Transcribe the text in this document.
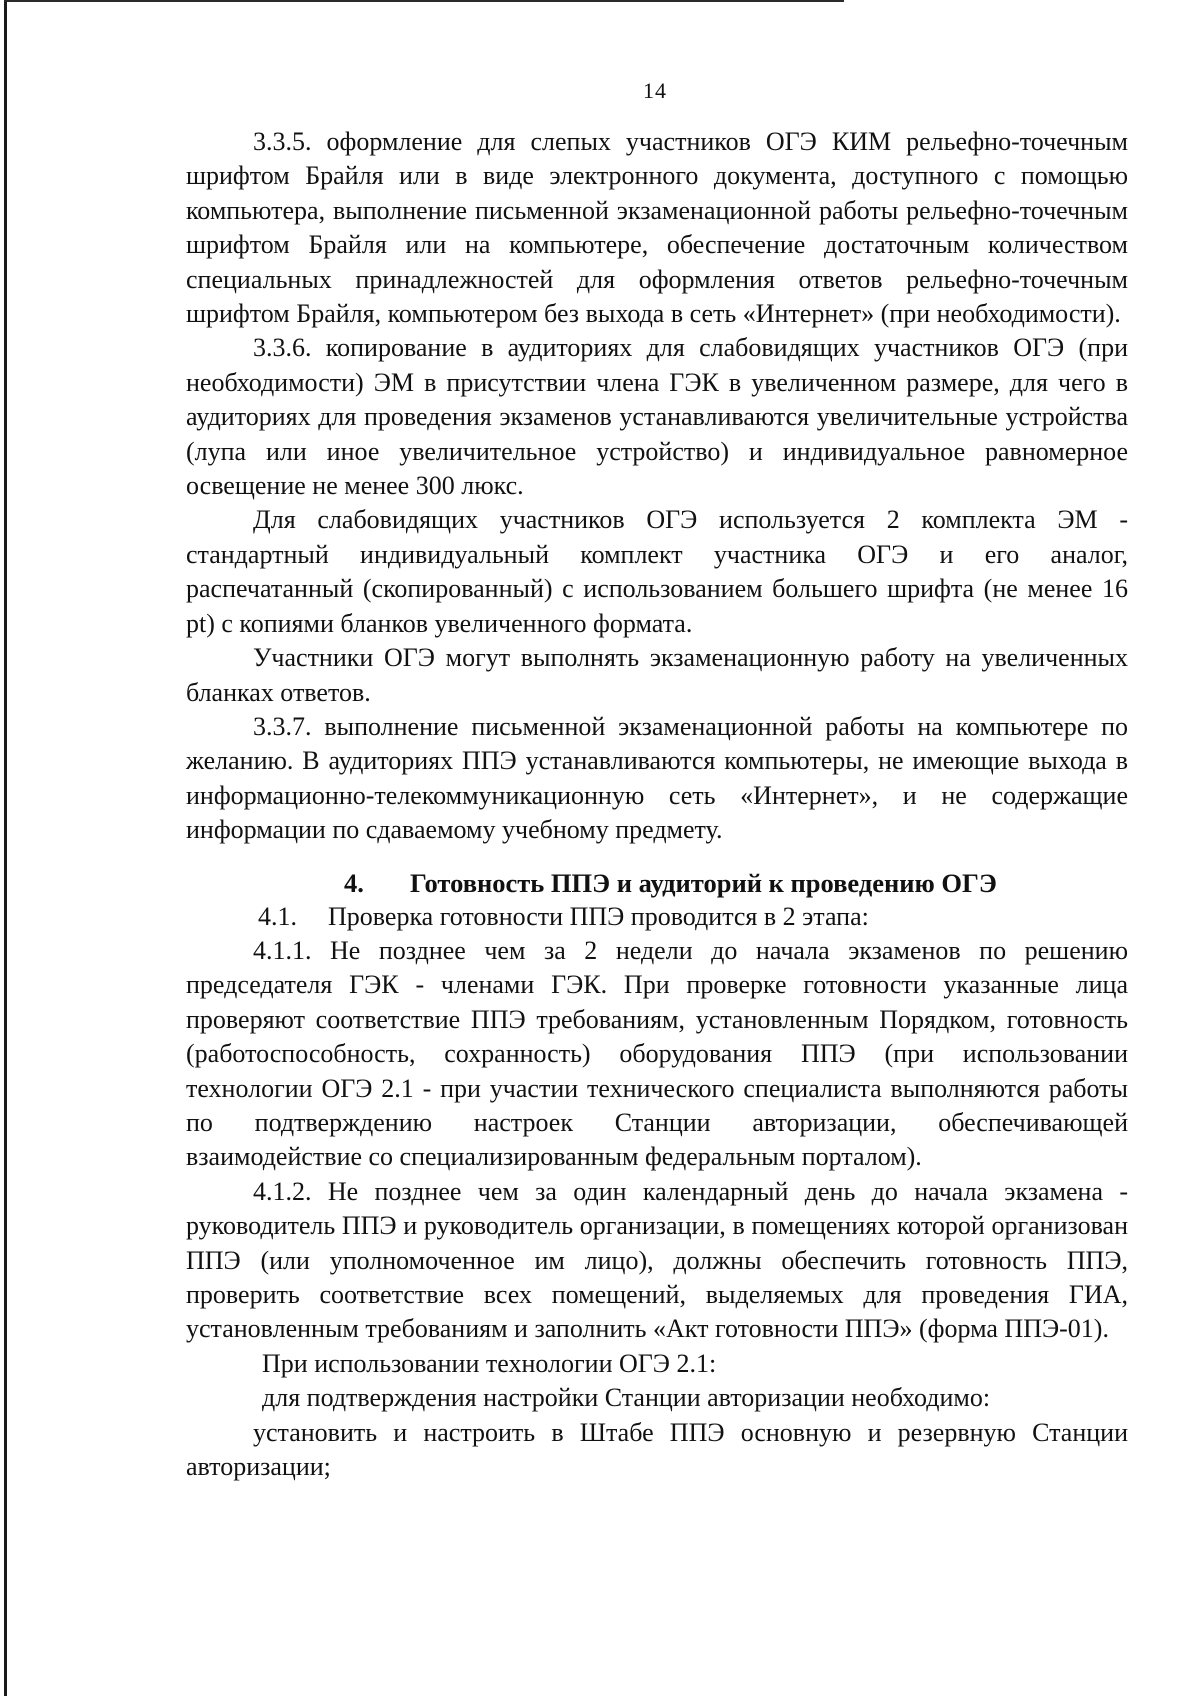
14

3.3.5. оформление для слепых участников ОГЭ КИМ рельефно-точечным шрифтом Брайля или в виде электронного документа, доступного с помощью компьютера, выполнение письменной экзаменационной работы рельефно-точечным шрифтом Брайля или на компьютере, обеспечение достаточным количеством специальных принадлежностей для оформления ответов рельефно-точечным шрифтом Брайля, компьютером без выхода в сеть «Интернет» (при необходимости).

3.3.6. копирование в аудиториях для слабовидящих участников ОГЭ (при необходимости) ЭМ в присутствии члена ГЭК в увеличенном размере, для чего в аудиториях для проведения экзаменов устанавливаются увеличительные устройства (лупа или иное увеличительное устройство) и индивидуальное равномерное освещение не менее 300 люкс.

Для слабовидящих участников ОГЭ используется 2 комплекта ЭМ - стандартный индивидуальный комплект участника ОГЭ и его аналог, распечатанный (скопированный) с использованием большего шрифта (не менее 16 pt) с копиями бланков увеличенного формата.

Участники ОГЭ могут выполнять экзаменационную работу на увеличенных бланках ответов.

3.3.7. выполнение письменной экзаменационной работы на компьютере по желанию. В аудиториях ППЭ устанавливаются компьютеры, не имеющие выхода в информационно-телекоммуникационную сеть «Интернет», и не содержащие информации по сдаваемому учебному предмету.

4. Готовность ППЭ и аудиторий к проведению ОГЭ

4.1. Проверка готовности ППЭ проводится в 2 этапа:

4.1.1. Не позднее чем за 2 недели до начала экзаменов по решению председателя ГЭК - членами ГЭК. При проверке готовности указанные лица проверяют соответствие ППЭ требованиям, установленным Порядком, готовность (работоспособность, сохранность) оборудования ППЭ (при использовании технологии ОГЭ 2.1 - при участии технического специалиста выполняются работы по подтверждению настроек Станции авторизации, обеспечивающей взаимодействие со специализированным федеральным порталом).

4.1.2. Не позднее чем за один календарный день до начала экзамена - руководитель ППЭ и руководитель организации, в помещениях которой организован ППЭ (или уполномоченное им лицо), должны обеспечить готовность ППЭ, проверить соответствие всех помещений, выделяемых для проведения ГИА, установленным требованиям и заполнить «Акт готовности ППЭ» (форма ППЭ-01).

При использовании технологии ОГЭ 2.1:

для подтверждения настройки Станции авторизации необходимо:

установить и настроить в Штабе ППЭ основную и резервную Станции авторизации;
